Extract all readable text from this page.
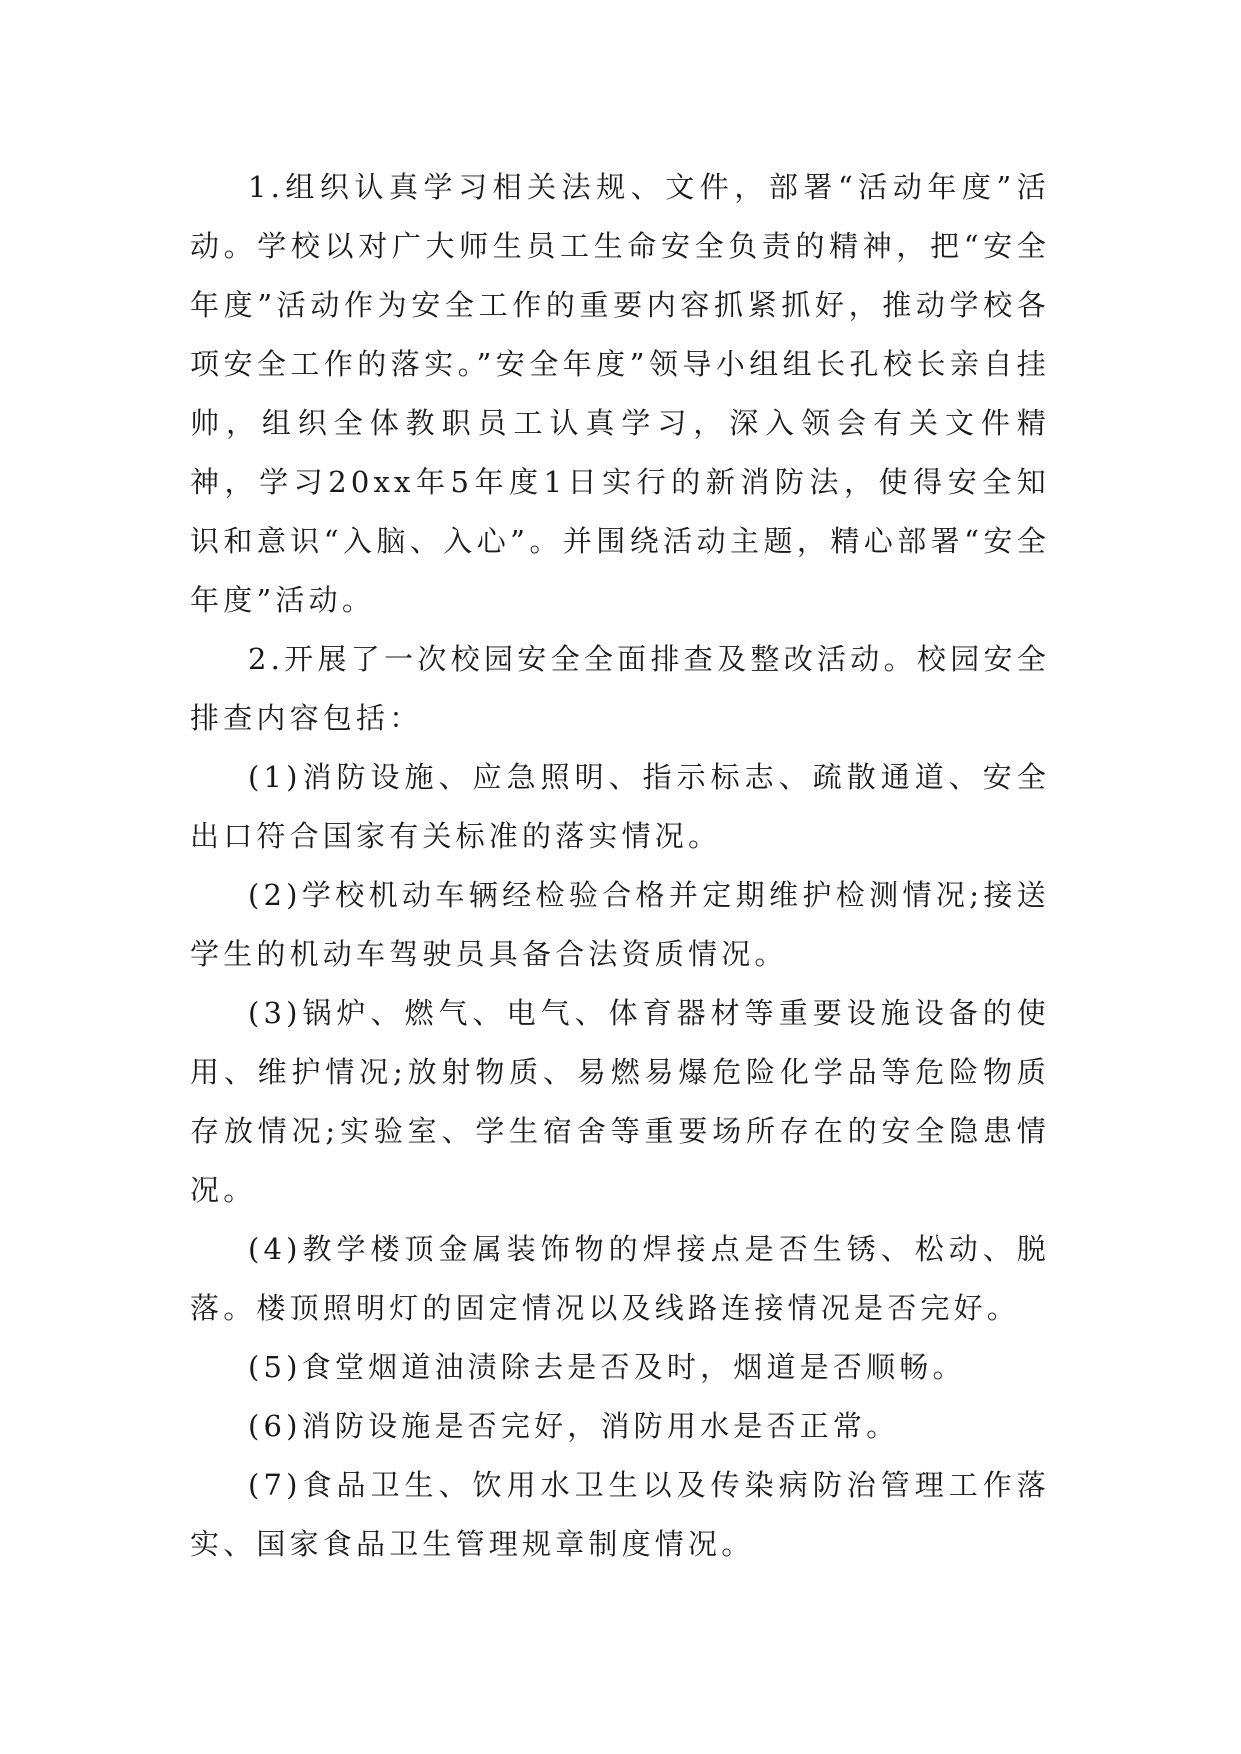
1.组织认真学习相关法规、文件，部署“活动年度”活动。学校以对广大师生员工生命安全负责的精神，把“安全年度”活动作为安全工作的重要内容抓紧抓好，推动学校各项安全工作的落实。”安全年度”领导小组组长孔校长亲自挂帅，组织全体教职员工认真学习，深入领会有关文件精神，学习20xx年5年度1日实行的新消防法，使得安全知识和意识“入脑、入心”。并围绕活动主题，精心部署“安全年度”活动。

2.开展了一次校园安全全面排查及整改活动。校园安全排查内容包括：

(1)消防设施、应急照明、指示标志、疏散通道、安全出口符合国家有关标准的落实情况。

(2)学校机动车辆经检验合格并定期维护检测情况;接送学生的机动车驾驶员具备合法资质情况。

(3)锅炉、燃气、电气、体育器材等重要设施设备的使用、维护情况;放射物质、易燃易爆危险化学品等危险物质存放情况;实验室、学生宿舍等重要场所存在的安全隐患情况。

(4)教学楼顶金属装饰物的焊接点是否生锈、松动、脱落。楼顶照明灯的固定情况以及线路连接情况是否完好。

(5)食堂烟道油渍除去是否及时，烟道是否顺畅。

(6)消防设施是否完好，消防用水是否正常。

(7)食品卫生、饮用水卫生以及传染病防治管理工作落实、国家食品卫生管理规章制度情况。
